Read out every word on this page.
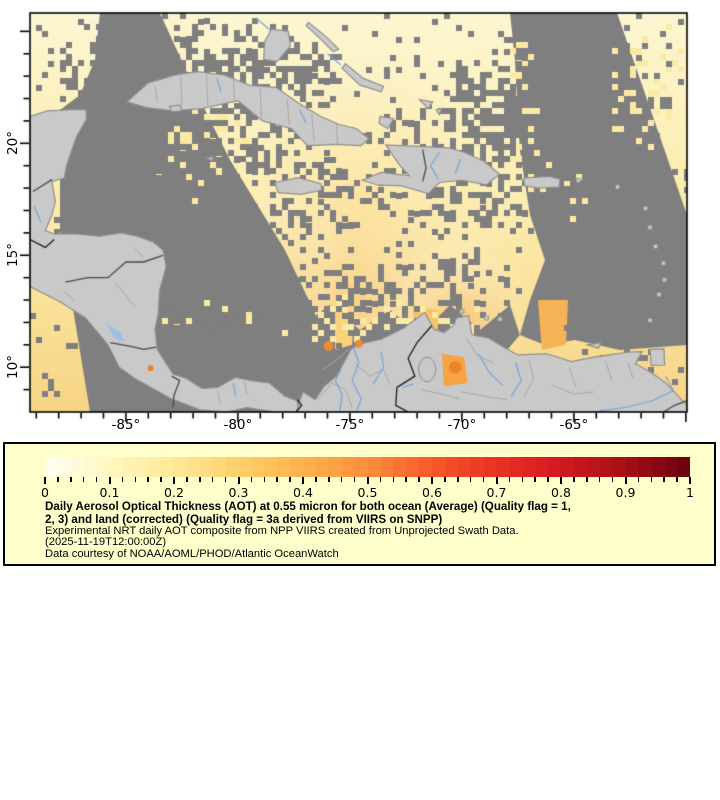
-85°	-80°	-75°	-70°	-65°
20°
15°
10°
0	0.1	0.2	0.3	0.4	0.5	0.6	0.7	0.8	0.9	1
Daily Aerosol Optical Thickness (AOT) at 0.55 micron for both ocean (Average) (Quality flag = 1,
2, 3) and land (corrected) (Quality flag = 3a derived from VIIRS on SNPP)
Experimental NRT daily AOT composite from NPP VIIRS created from Unprojected Swath Data.
(2025-11-19T12:00:00Z)
Data courtesy of NOAA/AOML/PHOD/Atlantic OceanWatch
